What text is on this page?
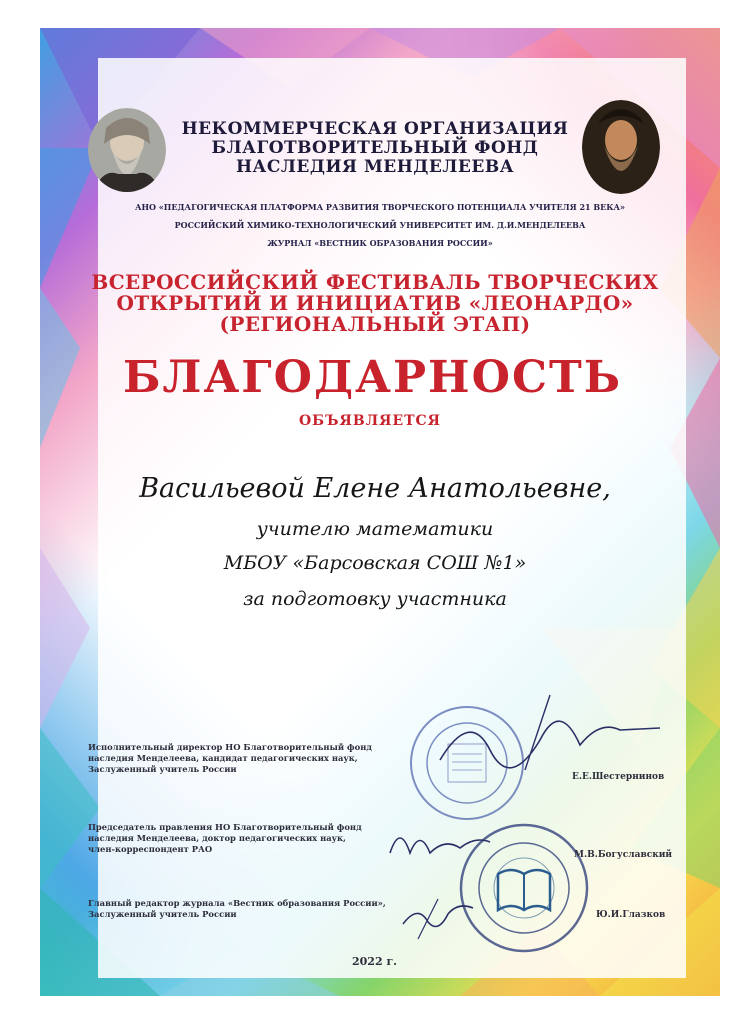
НЕКОММЕРЧЕСКАЯ ОРГАНИЗАЦИЯ
БЛАГОТВОРИТЕЛЬНЫЙ ФОНД
НАСЛЕДИЯ МЕНДЕЛЕЕВА
АНО «ПЕДАГОГИЧЕСКАЯ ПЛАТФОРМА РАЗВИТИЯ ТВОРЧЕСКОГО ПОТЕНЦИАЛА УЧИТЕЛЯ 21 ВЕКА»
РОССИЙСКИЙ ХИМИКО-ТЕХНОЛОГИЧЕСКИЙ УНИВЕРСИТЕТ ИМ. Д.И.МЕНДЕЛЕЕВА
ЖУРНАЛ «ВЕСТНИК ОБРАЗОВАНИЯ РОССИИ»
ВСЕРОССИЙСКИЙ ФЕСТИВАЛЬ ТВОРЧЕСКИХ
ОТКРЫТИЙ И ИНИЦИАТИВ «ЛЕОНАРДО»
(РЕГИОНАЛЬНЫЙ ЭТАП)
БЛАГОДАРНОСТЬ
ОБЪЯВЛЯЕТСЯ
Васильевой Елене Анатольевне,
учителю математики
МБОУ «Барсовская СОШ №1»
за подготовку участника
Исполнительный директор НО Благотворительный фонд
наследия Менделеева, кандидат педагогических наук,
Заслуженный учитель России
Е.Е.Шестернинов
Председатель правления НО Благотворительный фонд
наследия Менделеева, доктор педагогических наук,
член-корреспондент РАО
М.В.Богуславский
Главный редактор журнала «Вестник образования России»,
Заслуженный учитель России	Ю.И.Глазков
2022 г.
